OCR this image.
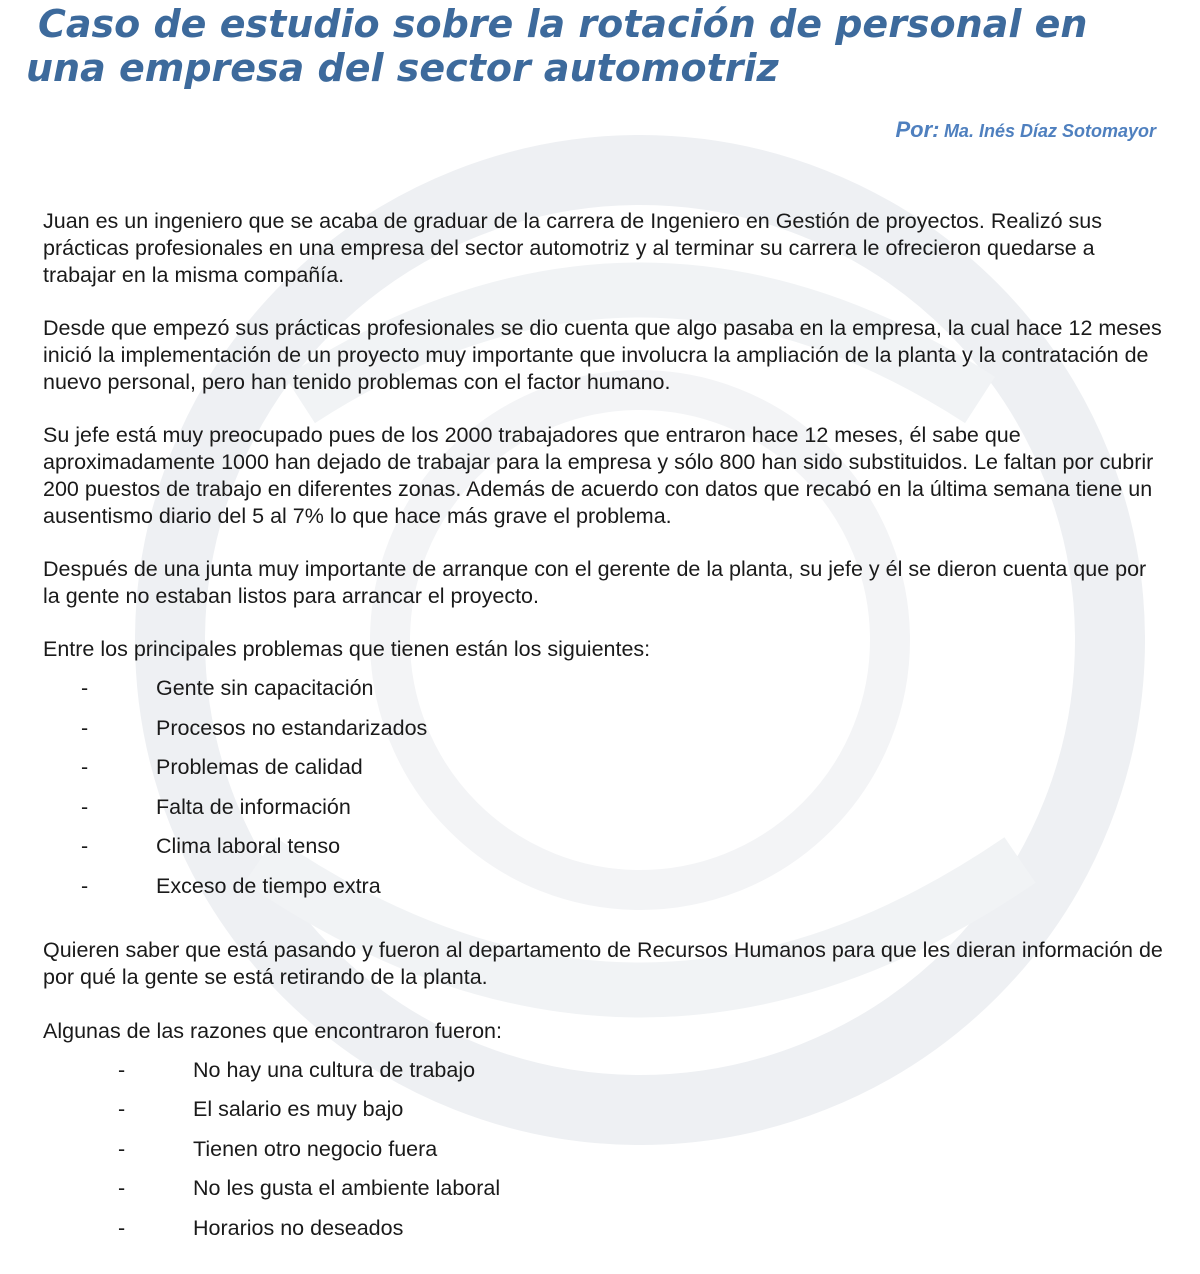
Caso de estudio sobre la rotación de personal en
una empresa del sector automotriz
Por: Ma. Inés Díaz Sotomayor

Juan es un ingeniero que se acaba de graduar de la carrera de Ingeniero en Gestión de proyectos. Realizó sus prácticas profesionales en una empresa del sector automotriz y al terminar su carrera le ofrecieron quedarse a trabajar en la misma compañía.

Desde que empezó sus prácticas profesionales se dio cuenta que algo pasaba en la empresa, la cual hace 12 meses inició la implementación de un proyecto muy importante que involucra la ampliación de la planta y la contratación de nuevo personal, pero han tenido problemas con el factor humano.

Su jefe está muy preocupado pues de los 2000 trabajadores que entraron hace 12 meses, él sabe que aproximadamente 1000 han dejado de trabajar para la empresa y sólo 800 han sido substituidos. Le faltan por cubrir 200 puestos de trabajo en diferentes zonas. Además de acuerdo con datos que recabó en la última semana tiene un ausentismo diario del 5 al 7% lo que hace más grave el problema.

Después de una junta muy importante de arranque con el gerente de la planta, su jefe y él se dieron cuenta que por la gente no estaban listos para arrancar el proyecto.

Entre los principales problemas que tienen están los siguientes:

-	Gente sin capacitación
-	Procesos no estandarizados
-	Problemas de calidad
-	Falta de información
-	Clima laboral tenso
-	Exceso de tiempo extra

Quieren saber que está pasando y fueron al departamento de Recursos Humanos para que les dieran información de por qué la gente se está retirando de la planta.

Algunas de las razones que encontraron fueron:

-	No hay una cultura de trabajo
-	El salario es muy bajo
-	Tienen otro negocio fuera
-	No les gusta el ambiente laboral
-	Horarios no deseados
